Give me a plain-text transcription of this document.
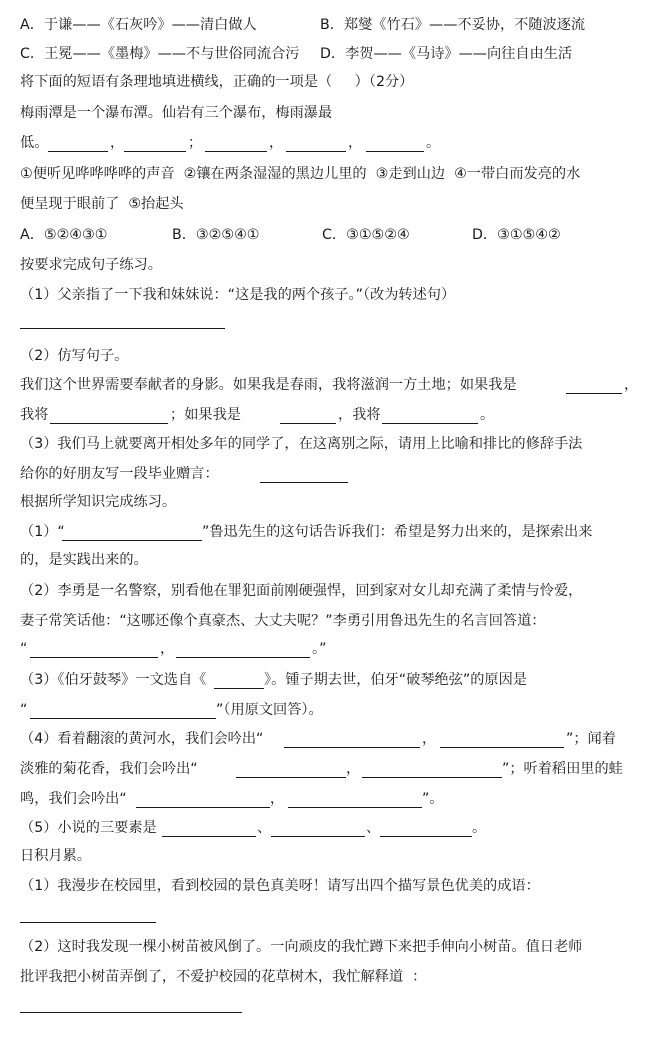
A．于谦——《石灰吟》——清白做人	B．郑燮《竹石》——不妥协，不随波逐流
C．王冕——《墨梅》——不与世俗同流合污 D．李贺——《马诗》——向往自由生活
将下面的短语有条理地填进横线，正确的一项是（     ）（2分）
梅雨潭是一个瀑布潭。仙岩有三个瀑布，梅雨瀑最
低。	，	；	，	，	。
①便听见哗哗哗哗的声音  ②镶在两条湿湿的黑边儿里的  ③走到山边  ④一带白而发亮的水
便呈现于眼前了  ⑤抬起头
A．⑤②④③①	B．③②⑤④①	C．③①⑤②④	D．③①⑤④②
按要求完成句子练习。
（1）父亲指了一下我和妹妹说：“这是我的两个孩子。”（改为转述句）
（2）仿写句子。
我们这个世界需要奉献者的身影。如果我是春雨，我将滋润一方土地；如果我是	，
我将	；如果我是	，我将	。
（3）我们马上就要离开相处多年的同学了，在这离别之际，请用上比喻和排比的修辞手法
给你的好朋友写一段毕业赠言：
根据所学知识完成练习。
（1）“	”鲁迅先生的这句话告诉我们：希望是努力出来的，是探索出来
的，是实践出来的。
（2）李勇是一名警察，别看他在罪犯面前刚硬强悍，回到家对女儿却充满了柔情与怜爱，
妻子常笑话他：“这哪还像个真豪杰、大丈夫呢？”李勇引用鲁迅先生的名言回答道：
“	，	。”
（3）《伯牙鼓琴》一文选自《	》。锺子期去世，伯牙“破琴绝弦”的原因是
“	”（用原文回答）。
（4）看着翻滚的黄河水，我们会吟出“	，	”；闻着
淡雅的菊花香，我们会吟出“	，	”；听着稻田里的蛙
鸣，我们会吟出“	，	”。
（5）小说的三要素是	、	、	。
日积月累。
（1）我漫步在校园里，看到校园的景色真美呀！请写出四个描写景色优美的成语：
（2）这时我发现一棵小树苗被风倒了。一向顽皮的我忙蹲下来把手伸向小树苗。值日老师
批评我把小树苗弄倒了，不爱护校园的花草树木，我忙解释道  ：
